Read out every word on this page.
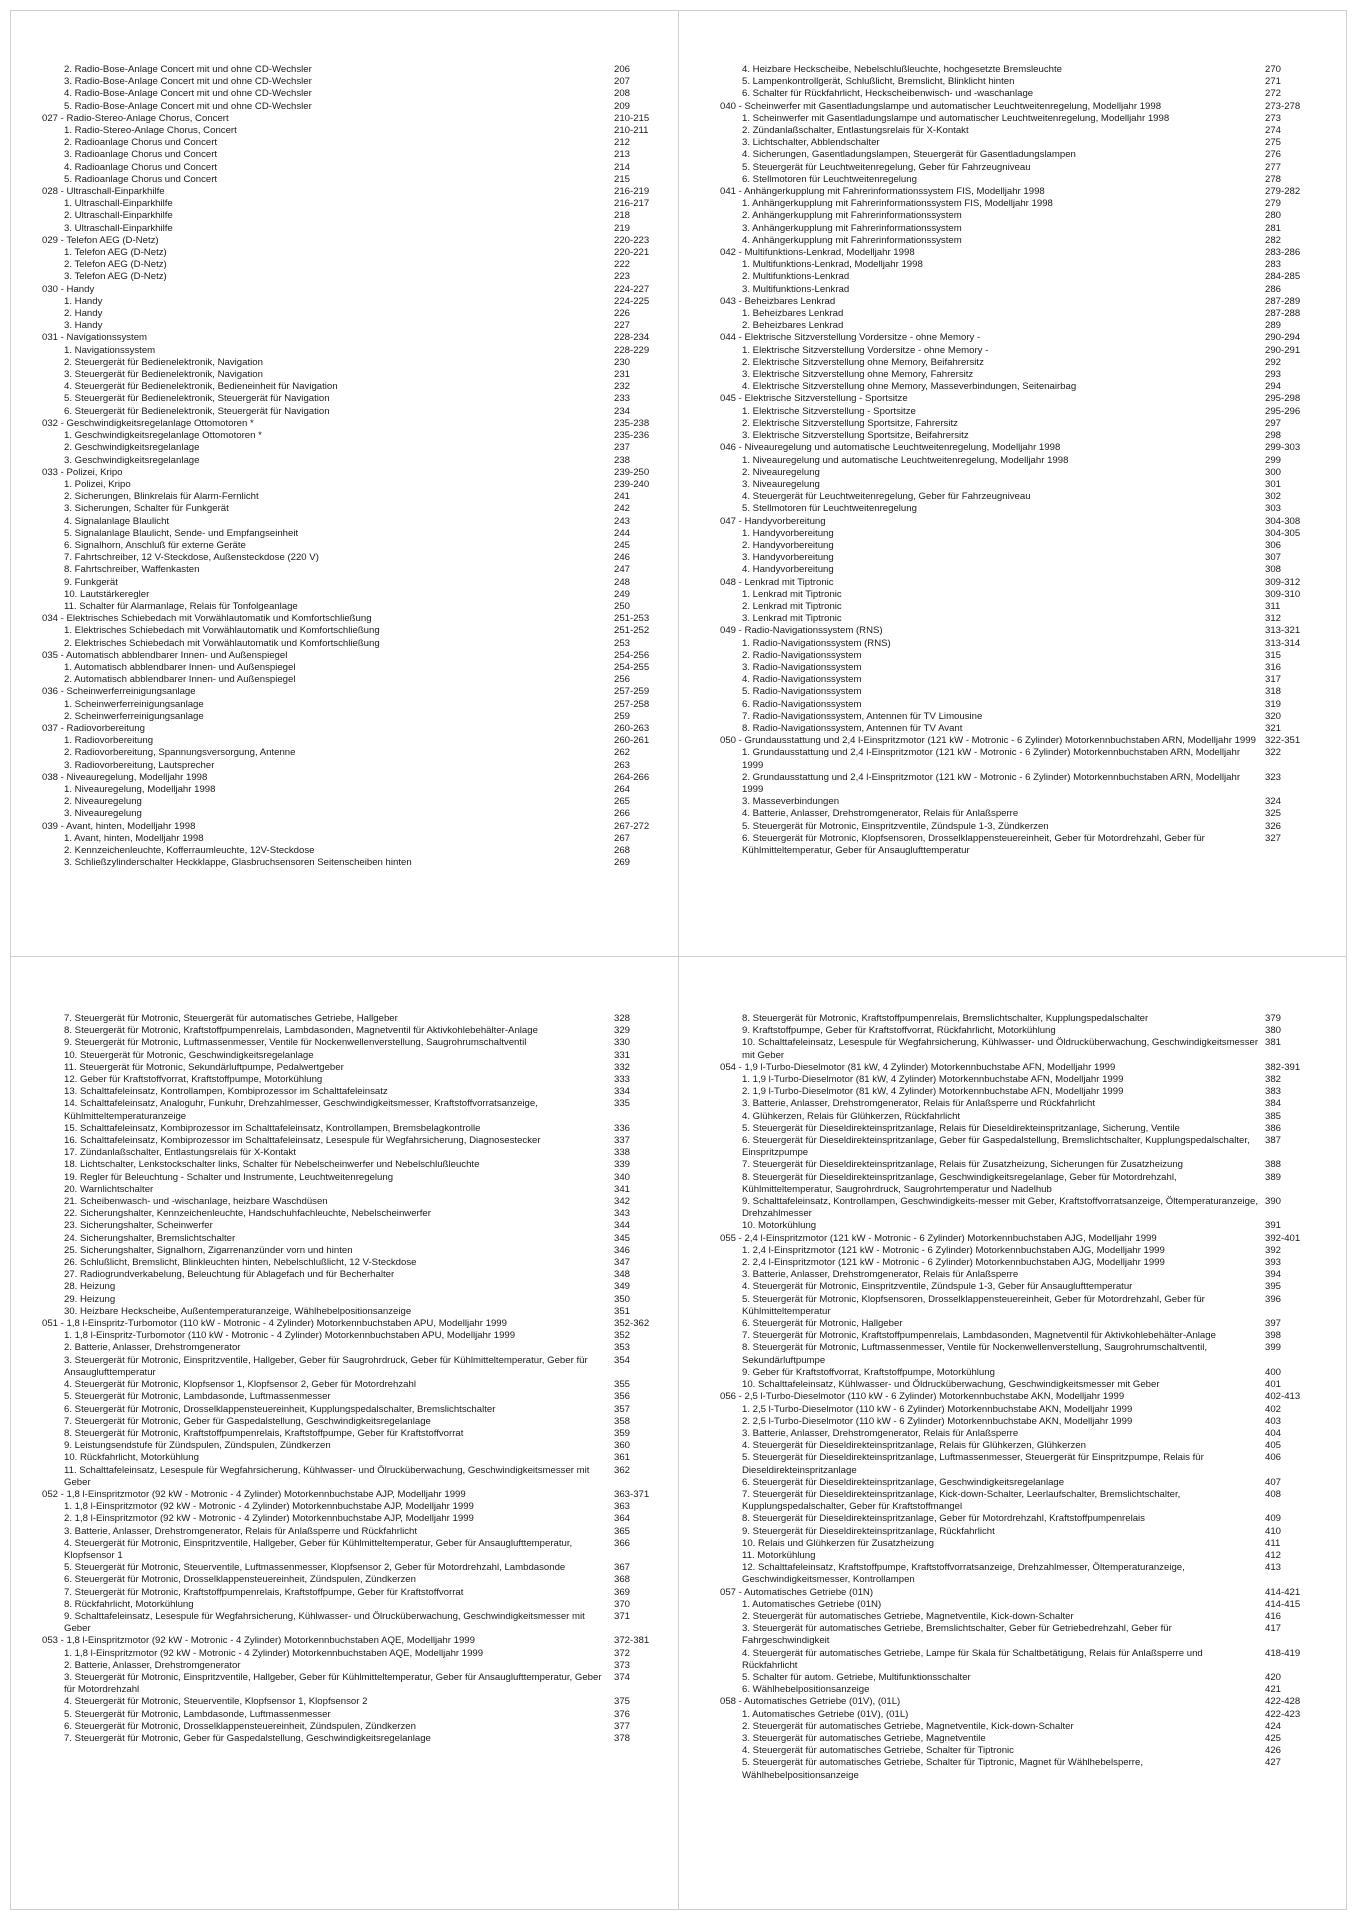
2. Radio-Bose-Anlage Concert mit und ohne CD-Wechsler	206
3. Radio-Bose-Anlage Concert mit und ohne CD-Wechsler	207
4. Radio-Bose-Anlage Concert mit und ohne CD-Wechsler	208
5. Radio-Bose-Anlage Concert mit und ohne CD-Wechsler	209
027 - Radio-Stereo-Anlage Chorus, Concert	210-215
1. Radio-Stereo-Anlage Chorus, Concert	210-211
2. Radioanlage Chorus und Concert	212
3. Radioanlage Chorus und Concert	213
4. Radioanlage Chorus und Concert	214
5. Radioanlage Chorus und Concert	215
028 - Ultraschall-Einparkhilfe	216-219
1. Ultraschall-Einparkhilfe	216-217
2. Ultraschall-Einparkhilfe	218
3. Ultraschall-Einparkhilfe	219
029 - Telefon AEG (D-Netz)	220-223
1. Telefon AEG (D-Netz)	220-221
2. Telefon AEG (D-Netz)	222
3. Telefon AEG (D-Netz)	223
030 - Handy	224-227
1. Handy	224-225
2. Handy	226
3. Handy	227
031 - Navigationssystem	228-234
1. Navigationssystem	228-229
2. Steuergerät für Bedienelektronik, Navigation	230
3. Steuergerät für Bedienelektronik, Navigation	231
4. Steuergerät für Bedienelektronik, Bedieneinheit für Navigation	232
5. Steuergerät für Bedienelektronik, Steuergerät für Navigation	233
6. Steuergerät für Bedienelektronik, Steuergerät für Navigation	234
032 - Geschwindigkeitsregelanlage Ottomotoren *	235-238
1. Geschwindigkeitsregelanlage Ottomotoren *	235-236
2. Geschwindigkeitsregelanlage	237
3. Geschwindigkeitsregelanlage	238
033 - Polizei, Kripo	239-250
1. Polizei, Kripo	239-240
2. Sicherungen, Blinkrelais für Alarm-Fernlicht	241
3. Sicherungen, Schalter für Funkgerät	242
4. Signalanlage Blaulicht	243
5. Signalanlage Blaulicht, Sende- und Empfangseinheit	244
6. Signalhorn, Anschluß für externe Geräte	245
7. Fahrtschreiber, 12 V-Steckdose, Außensteckdose (220 V)	246
8. Fahrtschreiber, Waffenkasten	247
9. Funkgerät	248
10. Lautstärkeregler	249
11. Schalter für Alarmanlage, Relais für Tonfolgeanlage	250
034 - Elektrisches Schiebedach mit Vorwählautomatik und Komfortschließung	251-253
1. Elektrisches Schiebedach mit Vorwählautomatik und Komfortschließung	251-252
2. Elektrisches Schiebedach mit Vorwählautomatik und Komfortschließung	253
035 - Automatisch abblendbarer Innen- und Außenspiegel	254-256
1. Automatisch abblendbarer Innen- und Außenspiegel	254-255
2. Automatisch abblendbarer Innen- und Außenspiegel	256
036 - Scheinwerferreinigungsanlage	257-259
1. Scheinwerferreinigungsanlage	257-258
2. Scheinwerferreinigungsanlage	259
037 - Radiovorbereitung	260-263
1. Radiovorbereitung	260-261
2. Radiovorbereitung, Spannungsversorgung, Antenne	262
3. Radiovorbereitung, Lautsprecher	263
038 - Niveauregelung, Modelljahr 1998	264-266
1. Niveauregelung, Modelljahr 1998	264
2. Niveauregelung	265
3. Niveauregelung	266
039 - Avant, hinten, Modelljahr 1998	267-272
1. Avant, hinten, Modelljahr 1998	267
2. Kennzeichenleuchte, Kofferraumleuchte, 12V-Steckdose	268
3. Schließzylinderschalter Heckklappe, Glasbruchsensoren Seitenscheiben hinten	269
4. Heizbare Heckscheibe, Nebelschlußleuchte, hochgesetzte Bremsleuchte	270
5. Lampenkontrollgerät, Schlußlicht, Bremslicht, Blinklicht hinten	271
6. Schalter für Rückfahrlicht, Heckscheibenwisch- und -waschanlage	272
040 - Scheinwerfer mit Gasentladungslampe und automatischer Leuchtweitenregelung, Modelljahr 1998	273-278
1. Scheinwerfer mit Gasentladungslampe und automatischer Leuchtweitenregelung, Modelljahr 1998	273
2. Zündanlaßschalter, Entlastungsrelais für X-Kontakt	274
3. Lichtschalter, Abblendschalter	275
4. Sicherungen, Gasentladungslampen, Steuergerät für Gasentladungslampen	276
5. Steuergerät für Leuchtweitenregelung, Geber für Fahrzeugniveau	277
6. Stellmotoren für Leuchtweitenregelung	278
041 - Anhängerkupplung mit Fahrerinformationssystem FIS, Modelljahr 1998	279-282
1. Anhängerkupplung mit Fahrerinformationssystem FIS, Modelljahr 1998	279
2. Anhängerkupplung mit Fahrerinformationssystem	280
3. Anhängerkupplung mit Fahrerinformationssystem	281
4. Anhängerkupplung mit Fahrerinformationssystem	282
042 - Multifunktions-Lenkrad, Modelljahr 1998	283-286
1. Multifunktions-Lenkrad, Modelljahr 1998	283
2. Multifunktions-Lenkrad	284-285
3. Multifunktions-Lenkrad	286
043 - Beheizbares Lenkrad	287-289
1. Beheizbares Lenkrad	287-288
2. Beheizbares Lenkrad	289
044 - Elektrische Sitzverstellung Vordersitze - ohne Memory -	290-294
1. Elektrische Sitzverstellung Vordersitze - ohne Memory -	290-291
2. Elektrische Sitzverstellung ohne Memory, Beifahrersitz	292
3. Elektrische Sitzverstellung ohne Memory, Fahrersitz	293
4. Elektrische Sitzverstellung ohne Memory, Masseverbindungen, Seitenairbag	294
045 - Elektrische Sitzverstellung - Sportsitze	295-298
1. Elektrische Sitzverstellung - Sportsitze	295-296
2. Elektrische Sitzverstellung Sportsitze, Fahrersitz	297
3. Elektrische Sitzverstellung Sportsitze, Beifahrersitz	298
046 - Niveauregelung und automatische Leuchtweitenregelung, Modelljahr 1998	299-303
1. Niveauregelung und automatische Leuchtweitenregelung, Modelljahr 1998	299
2. Niveauregelung	300
3. Niveauregelung	301
4. Steuergerät für Leuchtweitenregelung, Geber für Fahrzeugniveau	302
5. Stellmotoren für Leuchtweitenregelung	303
047 - Handyvorbereitung	304-308
1. Handyvorbereitung	304-305
2. Handyvorbereitung	306
3. Handyvorbereitung	307
4. Handyvorbereitung	308
048 - Lenkrad mit Tiptronic	309-312
1. Lenkrad mit Tiptronic	309-310
2. Lenkrad mit Tiptronic	311
3. Lenkrad mit Tiptronic	312
049 - Radio-Navigationssystem (RNS)	313-321
1. Radio-Navigationssystem (RNS)	313-314
2. Radio-Navigationssystem	315
3. Radio-Navigationssystem	316
4. Radio-Navigationssystem	317
5. Radio-Navigationssystem	318
6. Radio-Navigationssystem	319
7. Radio-Navigationssystem, Antennen für TV Limousine	320
8. Radio-Navigationssystem, Antennen für TV Avant	321
050 - Grundausstattung und 2,4 l-Einspritzmotor (121 kW - Motronic - 6 Zylinder) Motorkennbuchstaben ARN, Modelljahr 1999 322-351
1. Grundausstattung und 2,4 l-Einspritzmotor (121 kW - Motronic - 6 Zylinder) Motorkennbuchstaben ARN, Modelljahr 1999
322
2. Grundausstattung und 2,4 l-Einspritzmotor (121 kW - Motronic - 6 Zylinder) Motorkennbuchstaben ARN, Modelljahr 1999
323
3. Masseverbindungen	324
4. Batterie, Anlasser, Drehstromgenerator, Relais für Anlaßsperre	325
5. Steuergerät für Motronic, Einspritzventile, Zündspule 1-3, Zündkerzen	326
6. Steuergerät für Motronic, Klopfsensoren, Drosselklappensteuereinheit, Geber für Motordrehzahl, Geber für Kühlmitteltemperatur, Geber für Ansauglufttemperatur
327
7. Steuergerät für Motronic, Steuergerät für automatisches Getriebe, Hallgeber	328
8. Steuergerät für Motronic, Kraftstoffpumpenrelais, Lambdasonden, Magnetventil für Aktivkohlebehälter-Anlage	329
9. Steuergerät für Motronic, Luftmassenmesser, Ventile für Nockenwellenverstellung, Saugrohrumschaltventil	330
10. Steuergerät für Motronic, Geschwindigkeitsregelanlage	331
11. Steuergerät für Motronic, Sekundärluftpumpe, Pedalwertgeber	332
12. Geber für Kraftstoffvorrat, Kraftstoffpumpe, Motorkühlung	333
13. Schalttafeleinsatz, Kontrollampen, Kombiprozessor im Schalttafeleinsatz	334
14. Schalttafeleinsatz, Analoguhr, Funkuhr, Drehzahlmesser, Geschwindigkeitsmesser, Kraftstoffvorratsanzeige, Kühlmitteltemperaturanzeige
335
15. Schalttafeleinsatz, Kombiprozessor im Schalttafeleinsatz, Kontrollampen, Bremsbelagkontrolle	336
16. Schalttafeleinsatz, Kombiprozessor im Schalttafeleinsatz, Lesespule für Wegfahrsicherung, Diagnosestecker	337
17. Zündanlaßschalter, Entlastungsrelais für X-Kontakt	338
18. Lichtschalter, Lenkstockschalter links, Schalter für Nebelscheinwerfer und Nebelschlußleuchte	339
19. Regler für Beleuchtung - Schalter und Instrumente, Leuchtweitenregelung	340
20. Warnlichtschalter	341
21. Scheibenwasch- und -wischanlage, heizbare Waschdüsen	342
22. Sicherungshalter, Kennzeichenleuchte, Handschuhfachleuchte, Nebelscheinwerfer	343
23. Sicherungshalter, Scheinwerfer	344
24. Sicherungshalter, Bremslichtschalter	345
25. Sicherungshalter, Signalhorn, Zigarrenanzünder vorn und hinten	346
26. Schlußlicht, Bremslicht, Blinkleuchten hinten, Nebelschlußlicht, 12 V-Steckdose	347
27. Radiogrundverkabelung, Beleuchtung für Ablagefach und für Becherhalter	348
28. Heizung	349
29. Heizung	350
30. Heizbare Heckscheibe, Außentemperaturanzeige, Wählhebelpositionsanzeige	351
051 - 1,8 l-Einspritz-Turbomotor (110 kW - Motronic - 4 Zylinder) Motorkennbuchstaben APU, Modelljahr 1999	352-362
1. 1,8 l-Einspritz-Turbomotor (110 kW - Motronic - 4 Zylinder) Motorkennbuchstaben APU, Modelljahr 1999	352
2. Batterie, Anlasser, Drehstromgenerator	353
3. Steuergerät für Motronic, Einspritzventile, Hallgeber, Geber für Saugrohrdruck, Geber für Kühlmitteltemperatur, Geber für Ansauglufttemperatur
354
4. Steuergerät für Motronic, Klopfsensor 1, Klopfsensor 2, Geber für Motordrehzahl	355
5. Steuergerät für Motronic, Lambdasonde, Luftmassenmesser	356
6. Steuergerät für Motronic, Drosselklappensteuereinheit, Kupplungspedalschalter, Bremslichtschalter	357
7. Steuergerät für Motronic, Geber für Gaspedalstellung, Geschwindigkeitsregelanlage	358
8. Steuergerät für Motronic, Kraftstoffpumpenrelais, Kraftstoffpumpe, Geber für Kraftstoffvorrat	359
9. Leistungsendstufe für Zündspulen, Zündspulen, Zündkerzen	360
10. Rückfahrlicht, Motorkühlung	361
11. Schalttafeleinsatz, Lesespule für Wegfahrsicherung, Kühlwasser- und Ölrucküberwachung, Geschwindigkeitsmesser mit Geber
362
052 - 1,8 l-Einspritzmotor (92 kW - Motronic - 4 Zylinder) Motorkennbuchstabe AJP, Modelljahr 1999	363-371
1. 1,8 l-Einspritzmotor (92 kW - Motronic - 4 Zylinder) Motorkennbuchstabe AJP, Modelljahr 1999	363
2. 1,8 l-Einspritzmotor (92 kW - Motronic - 4 Zylinder) Motorkennbuchstabe AJP, Modelljahr 1999	364
3. Batterie, Anlasser, Drehstromgenerator, Relais für Anlaßsperre und Rückfahrlicht	365
4. Steuergerät für Motronic, Einspritzventile, Hallgeber, Geber für Kühlmitteltemperatur, Geber für Ansauglufttemperatur, Klopfsensor 1
366
5. Steuergerät für Motronic, Steuerventile, Luftmassenmesser, Klopfsensor 2, Geber für Motordrehzahl, Lambdasonde	367
6. Steuergerät für Motronic, Drosselklappensteuereinheit, Zündspulen, Zündkerzen	368
7. Steuergerät für Motronic, Kraftstoffpumpenrelais, Kraftstoffpumpe, Geber für Kraftstoffvorrat	369
8. Rückfahrlicht, Motorkühlung	370
9. Schalttafeleinsatz, Lesespule für Wegfahrsicherung, Kühlwasser- und Ölrucküberwachung, Geschwindigkeitsmesser mit Geber
371
053 - 1,8 l-Einspritzmotor (92 kW - Motronic - 4 Zylinder) Motorkennbuchstaben AQE, Modelljahr 1999	372-381
1. 1,8 l-Einspritzmotor (92 kW - Motronic - 4 Zylinder) Motorkennbuchstaben AQE, Modelljahr 1999	372
2. Batterie, Anlasser, Drehstromgenerator	373
3. Steuergerät für Motronic, Einspritzventile, Hallgeber, Geber für Kühlmitteltemperatur, Geber für Ansauglufttemperatur, Geber für Motordrehzahl
374
4. Steuergerät für Motronic, Steuerventile, Klopfsensor 1, Klopfsensor 2	375
5. Steuergerät für Motronic, Lambdasonde, Luftmassenmesser	376
6. Steuergerät für Motronic, Drosselklappensteuereinheit, Zündspulen, Zündkerzen	377
7. Steuergerät für Motronic, Geber für Gaspedalstellung, Geschwindigkeitsregelanlage	378
8. Steuergerät für Motronic, Kraftstoffpumpenrelais, Bremslichtschalter, Kupplungspedalschalter	379
9. Kraftstoffpumpe, Geber für Kraftstoffvorrat, Rückfahrlicht, Motorkühlung	380
10. Schalttafeleinsatz, Lesespule für Wegfahrsicherung, Kühlwasser- und Öldrucküberwachung, Geschwindigkeitsmesser mit Geber
381
054 - 1,9 l-Turbo-Dieselmotor (81 kW, 4 Zylinder) Motorkennbuchstabe AFN, Modelljahr 1999	382-391
1. 1,9 l-Turbo-Dieselmotor (81 kW, 4 Zylinder) Motorkennbuchstabe AFN, Modelljahr 1999	382
2. 1,9 l-Turbo-Dieselmotor (81 kW, 4 Zylinder) Motorkennbuchstabe AFN, Modelljahr 1999	383
3. Batterie, Anlasser, Drehstromgenerator, Relais für Anlaßsperre und Rückfahrlicht	384
4. Glühkerzen, Relais für Glühkerzen, Rückfahrlicht	385
5. Steuergerät für Dieseldirekteinspritzanlage, Relais für Dieseldirekteinspritzanlage, Sicherung, Ventile	386
6. Steuergerät für Dieseldirekteinspritzanlage, Geber für Gaspedalstellung, Bremslichtschalter, Kupplungspedalschalter, Einspritzpumpe
387
7. Steuergerät für Dieseldirekteinspritzanlage, Relais für Zusatzheizung, Sicherungen für Zusatzheizung	388
8. Steuergerät für Dieseldirekteinspritzanlage, Geschwindigkeitsregelanlage, Geber für Motordrehzahl, Kühlmitteltemperatur, Saugrohrdruck, Saugrohrtemperatur und Nadelhub
389
9. Schalttafeleinsatz, Kontrollampen, Geschwindigkeits-messer mit Geber, Kraftstoffvorratsanzeige, Öltemperaturanzeige, Drehzahlmesser
390
10. Motorkühlung	391
055 - 2,4 l-Einspritzmotor (121 kW - Motronic - 6 Zylinder) Motorkennbuchstaben AJG, Modelljahr 1999	392-401
1. 2,4 l-Einspritzmotor (121 kW - Motronic - 6 Zylinder) Motorkennbuchstaben AJG, Modelljahr 1999	392
2. 2,4 l-Einspritzmotor (121 kW - Motronic - 6 Zylinder) Motorkennbuchstaben AJG, Modelljahr 1999	393
3. Batterie, Anlasser, Drehstromgenerator, Relais für Anlaßsperre	394
4. Steuergerät für Motronic, Einspritzventile, Zündspule 1-3, Geber für Ansauglufttemperatur	395
5. Steuergerät für Motronic, Klopfsensoren, Drosselklappensteuereinheit, Geber für Motordrehzahl, Geber für Kühlmitteltemperatur
396
6. Steuergerät für Motronic, Hallgeber	397
7. Steuergerät für Motronic, Kraftstoffpumpenrelais, Lambdasonden, Magnetventil für Aktivkohlebehälter-Anlage	398
8. Steuergerät für Motronic, Luftmassenmesser, Ventile für Nockenwellenverstellung, Saugrohrumschaltventil, Sekundärluftpumpe
399
9. Geber für Kraftstoffvorrat, Kraftstoffpumpe, Motorkühlung	400
10. Schalttafeleinsatz, Kühlwasser- und Öldrucküberwachung, Geschwindigkeitsmesser mit Geber	401
056 - 2,5 l-Turbo-Dieselmotor (110 kW - 6 Zylinder) Motorkennbuchstabe AKN, Modelljahr 1999	402-413
1. 2,5 l-Turbo-Dieselmotor (110 kW - 6 Zylinder) Motorkennbuchstabe AKN, Modelljahr 1999	402
2. 2,5 l-Turbo-Dieselmotor (110 kW - 6 Zylinder) Motorkennbuchstabe AKN, Modelljahr 1999	403
3. Batterie, Anlasser, Drehstromgenerator, Relais für Anlaßsperre	404
4. Steuergerät für Dieseldirekteinspritzanlage, Relais für Glühkerzen, Glühkerzen	405
5. Steuergerät für Dieseldirekteinspritzanlage, Luftmassenmesser, Steuergerät für Einspritzpumpe, Relais für Dieseldirekteinspritzanlage
406
6. Steuergerät für Dieseldirekteinspritzanlage, Geschwindigkeitsregelanlage	407
7. Steuergerät für Dieseldirekteinspritzanlage, Kick-down-Schalter, Leerlaufschalter, Bremslichtschalter, Kupplungspedalschalter, Geber für Kraftstoffmangel
408
8. Steuergerät für Dieseldirekteinspritzanlage, Geber für Motordrehzahl, Kraftstoffpumpenrelais	409
9. Steuergerät für Dieseldirekteinspritzanlage, Rückfahrlicht	410
10. Relais und Glühkerzen für Zusatzheizung	411
11. Motorkühlung	412
12. Schalttafeleinsatz, Kraftstoffpumpe, Kraftstoffvorratsanzeige, Drehzahlmesser, Öltemperaturanzeige, Geschwindigkeitsmesser, Kontrollampen
413
057 - Automatisches Getriebe (01N)	414-421
1. Automatisches Getriebe (01N)	414-415
2. Steuergerät für automatisches Getriebe, Magnetventile, Kick-down-Schalter	416
3. Steuergerät für automatisches Getriebe, Bremslichtschalter, Geber für Getriebedrehzahl, Geber für Fahrgeschwindigkeit
417
4. Steuergerät für automatisches Getriebe, Lampe für Skala für Schaltbetätigung, Relais für Anlaßsperre und Rückfahrlicht
418-419
5. Schalter für autom. Getriebe, Multifunktionsschalter	420
6. Wählhebelpositionsanzeige	421
058 - Automatisches Getriebe (01V), (01L)	422-428
1. Automatisches Getriebe (01V), (01L)	422-423
2. Steuergerät für automatisches Getriebe, Magnetventile, Kick-down-Schalter	424
3. Steuergerät für automatisches Getriebe, Magnetventile	425
4. Steuergerät für automatisches Getriebe, Schalter für Tiptronic	426
5. Steuergerät für automatisches Getriebe, Schalter für Tiptronic, Magnet für Wählhebelsperre, Wählhebelpositionsanzeige
427
